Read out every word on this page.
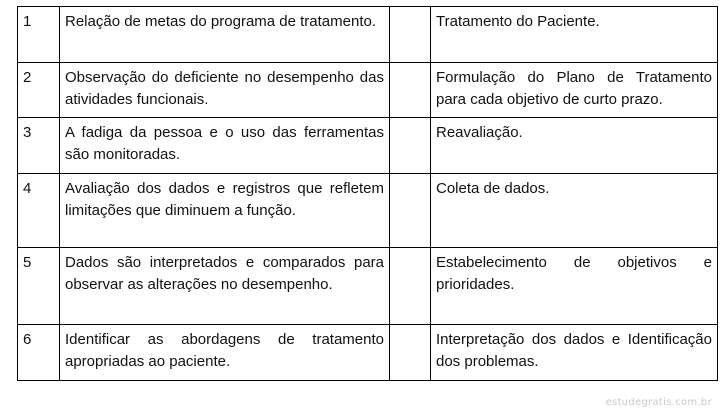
1	Relação de metas do programa de tratamento.		Tratamento do Paciente.
2	Observação do deficiente no desempenho das atividades funcionais.		Formulação do Plano de Tratamento para cada objetivo de curto prazo.
3	A fadiga da pessoa e o uso das ferramentas são monitoradas.		Reavaliação.
4	Avaliação dos dados e registros que refletem limitações que diminuem a função.		Coleta de dados.
5	Dados são interpretados e comparados para observar as alterações no desempenho.		Estabelecimento de objetivos e prioridades.
6	Identificar as abordagens de tratamento apropriadas ao paciente.		Interpretação dos dados e Identificação dos problemas.
estudegratis.com.br
